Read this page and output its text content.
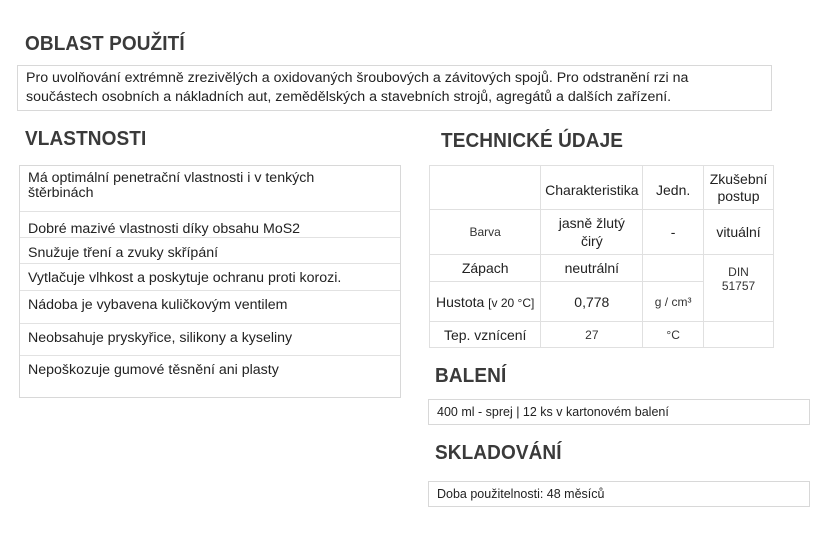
OBLAST POUŽITÍ
Pro uvolňování extrémně zrezivělých a oxidovaných šroubových a závitových spojů. Pro odstranění rzi na
součástech osobních a nákladních aut, zemědělských a stavebních strojů, agregátů a dalších zařízení.
VLASTNOSTI
Má optimální penetrační vlastnosti i v tenkých štěrbinách
Dobré mazivé vlastnosti díky obsahu MoS2
Snužuje tření a zvuky skřípání
Vytlačuje vlhkost a poskytuje ochranu proti korozi.
Nádoba je vybavena kuličkovým ventilem
Neobsahuje pryskyřice, silikony a kyseliny
Nepoškozuje gumové těsnění ani plasty
TECHNICKÉ ÚDAJE
	Charakteristika	Jedn.	Zkušební postup
Barva	jasně žlutý čirý	-	vituální
Zápach	neutrální		DIN 51757
Hustota [v 20 °C]	0,778	g / cm³	
Tep. vznícení	27	°C	
BALENÍ
400 ml - sprej | 12 ks v kartonovém balení
SKLADOVÁNÍ
Doba použitelnosti: 48 měsíců
